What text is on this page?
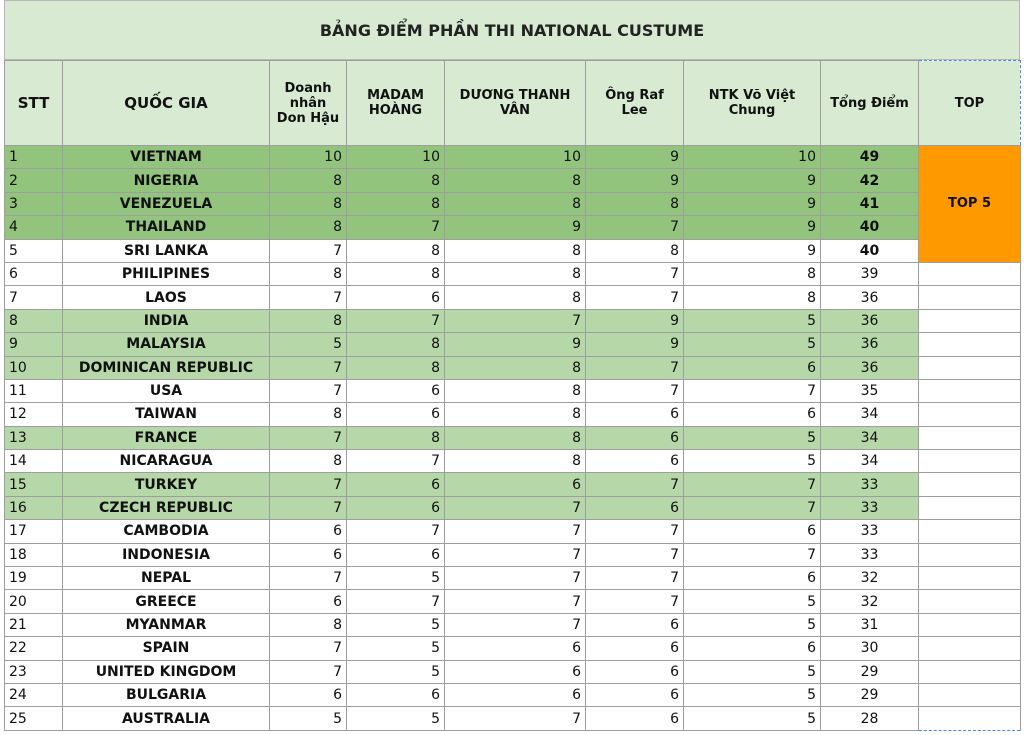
BẢNG ĐIỂM PHẦN THI NATIONAL CUSTUME
STT	QUỐC GIA	Doanh nhân Don Hậu	MADAM HOÀNG	DƯƠNG THANH VÂN	Ông Raf Lee	NTK Võ Việt Chung	Tổng Điểm	TOP
1	VIETNAM	10	10	10	9	10	49	TOP 5
2	NIGERIA	8	8	8	9	9	42	
3	VENEZUELA	8	8	8	8	9	41	
4	THAILAND	8	7	9	7	9	40	
5	SRI LANKA	7	8	8	8	9	40	
6	PHILIPINES	8	8	8	7	8	39	
7	LAOS	7	6	8	7	8	36	
8	INDIA	8	7	7	9	5	36	
9	MALAYSIA	5	8	9	9	5	36	
10	DOMINICAN REPUBLIC	7	8	8	7	6	36	
11	USA	7	6	8	7	7	35	
12	TAIWAN	8	6	8	6	6	34	
13	FRANCE	7	8	8	6	5	34	
14	NICARAGUA	8	7	8	6	5	34	
15	TURKEY	7	6	6	7	7	33	
16	CZECH REPUBLIC	7	6	7	6	7	33	
17	CAMBODIA	6	7	7	7	6	33	
18	INDONESIA	6	6	7	7	7	33	
19	NEPAL	7	5	7	7	6	32	
20	GREECE	6	7	7	7	5	32	
21	MYANMAR	8	5	7	6	5	31	
22	SPAIN	7	5	6	6	6	30	
23	UNITED KINGDOM	7	5	6	6	5	29	
24	BULGARIA	6	6	6	6	5	29	
25	AUSTRALIA	5	5	7	6	5	28	
